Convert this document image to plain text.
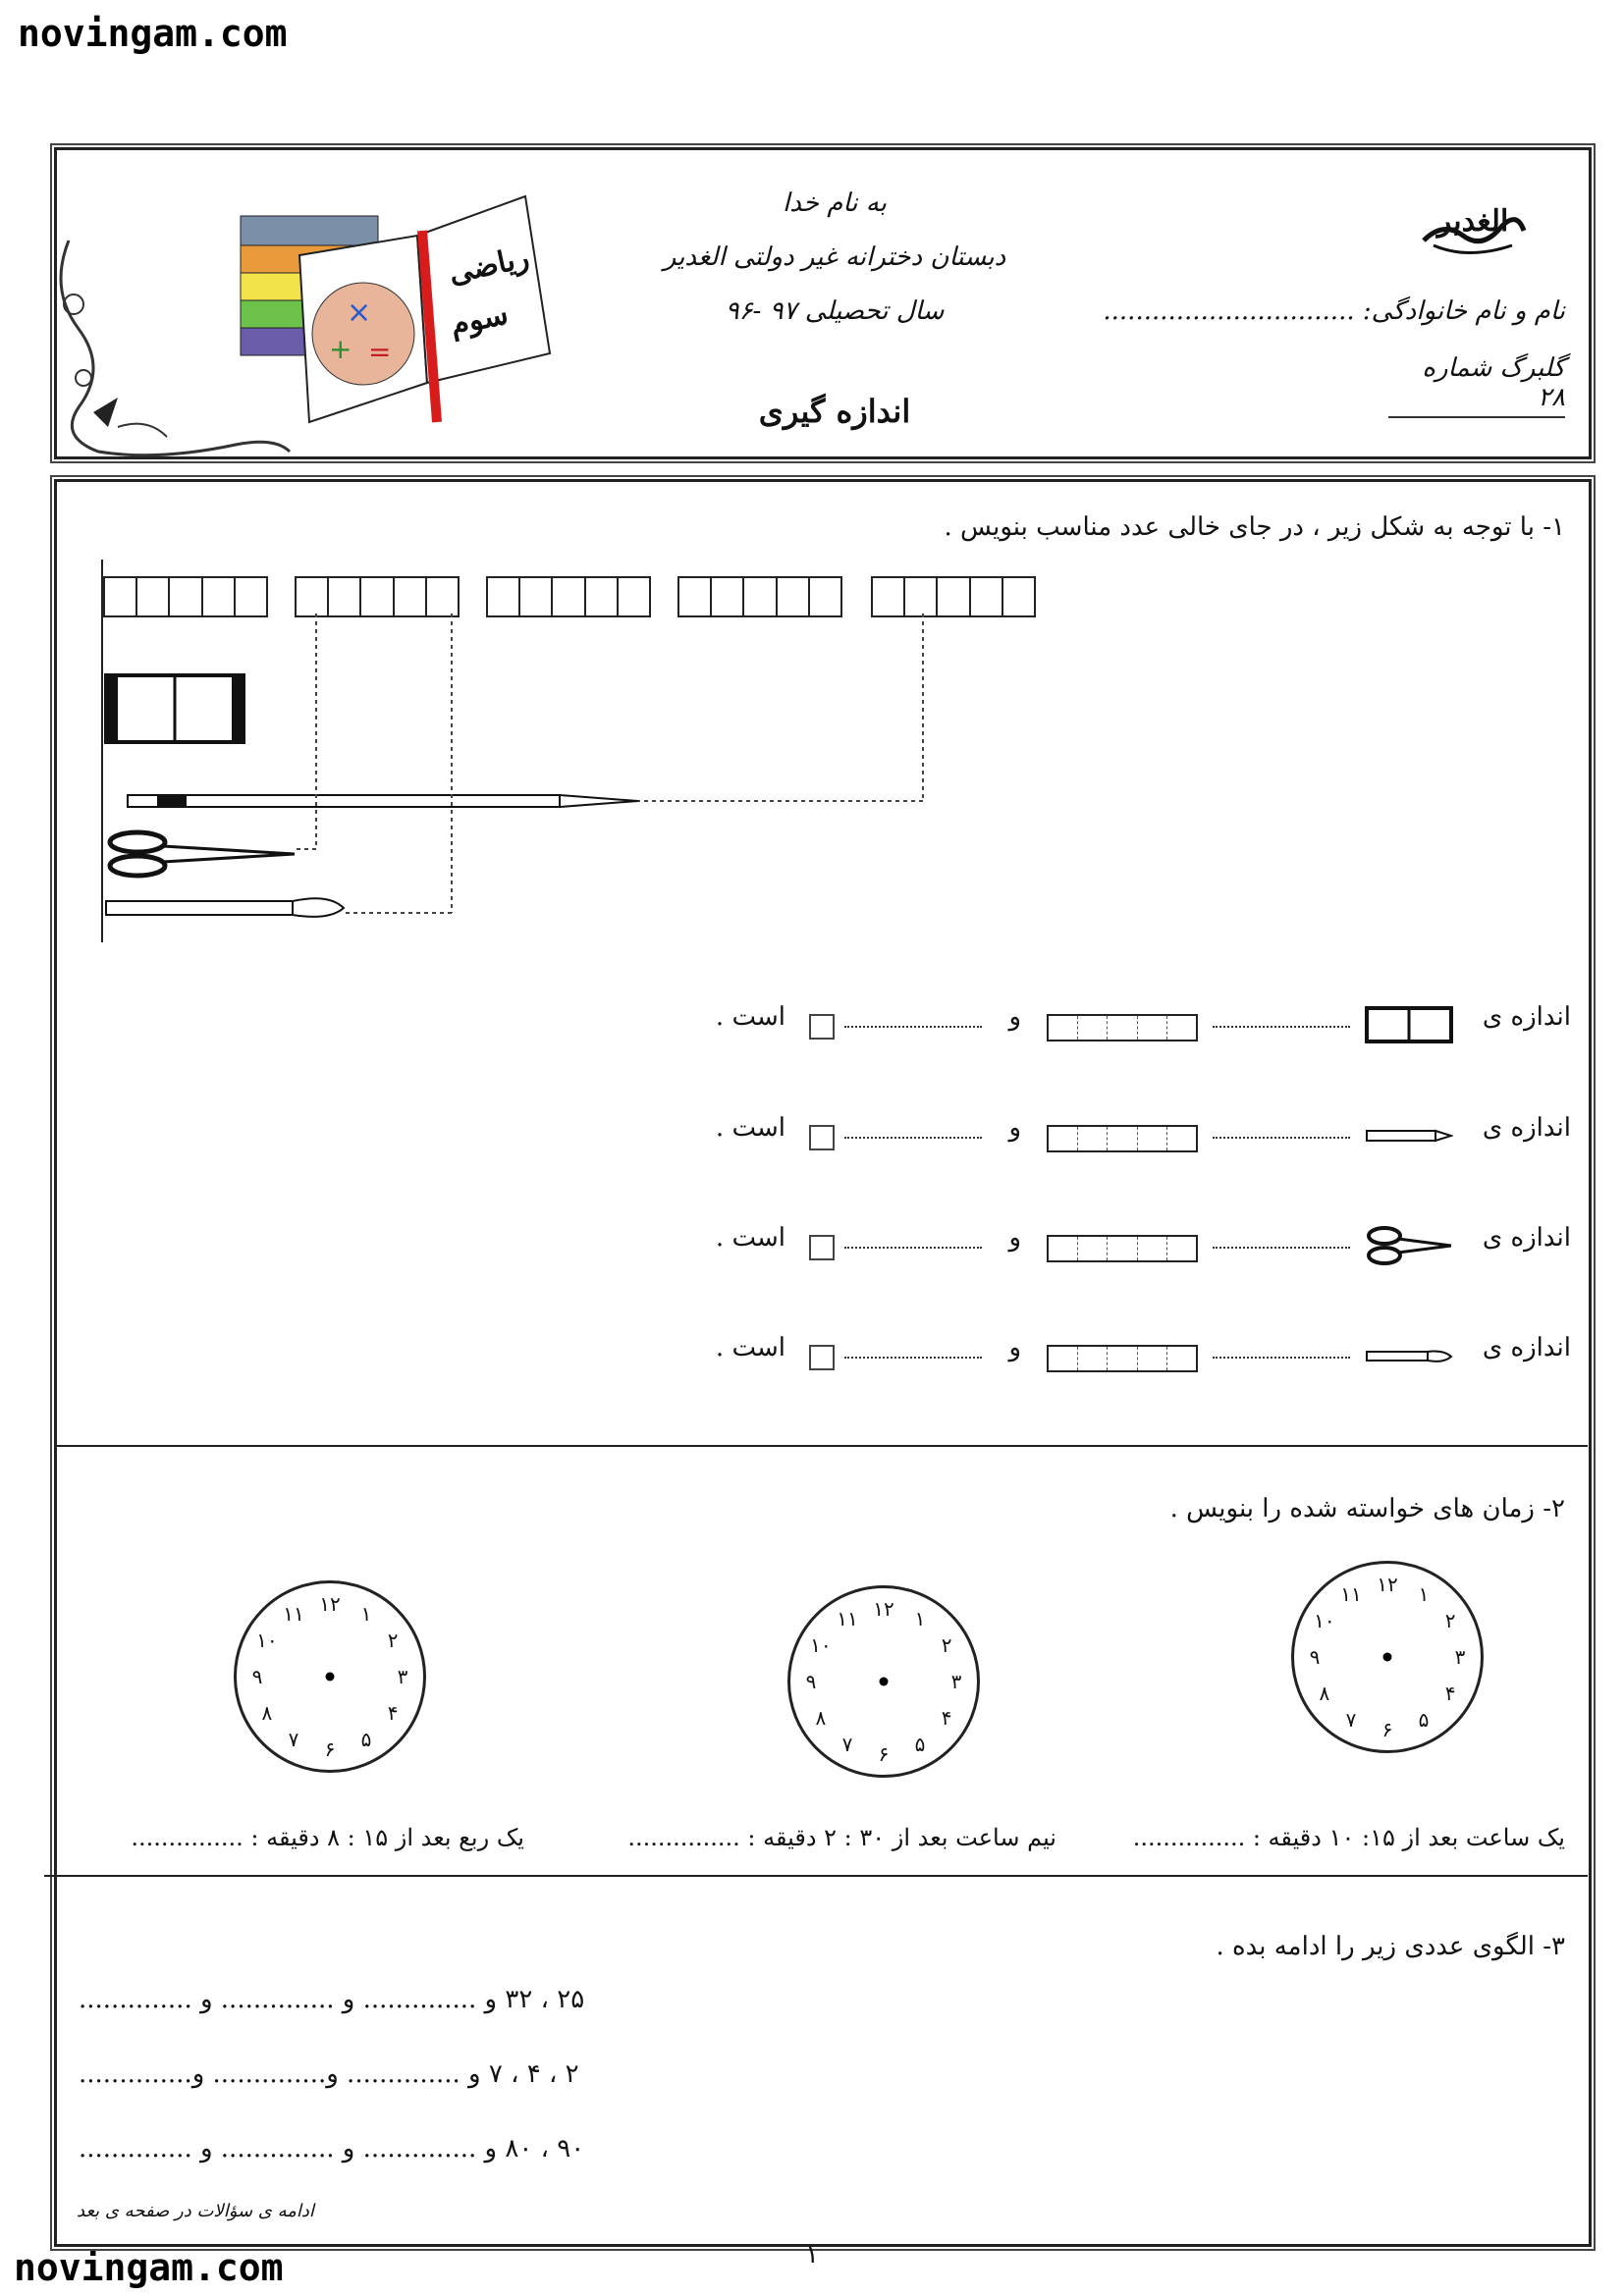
novingam.com
novingam.com
الغدیر
نام و نام خانوادگی: ...............................
گلبرگ شماره ۲۸
به نام خدا
دبستان دخترانه غیر دولتی الغدیر
سال تحصیلی ۹۷ -۹۶
اندازه گیری
×
+ =
ریاضی
سوم
۱- با توجه به شکل زیر ، در جای خالی عدد مناسب بنویس .
اندازه ی
و
است .
اندازه ی
و
است .
اندازه ی
و
است .
اندازه ی
و
است .
۲- زمان های خواسته شده را بنویس .
۱۲ ۱
۲
۳
۴
۵
۶
۷
۸
۹
۱۰
۱۱
۱۲ ۱
۲
۳
۴
۵
۶
۷
۸
۹
۱۰
۱۱
۱۲ ۱
۲
۳
۴
۵
۶
۷
۸
۹
۱۰
۱۱
یک ساعت بعد از ۱۵: ۱۰ دقیقه : ...............
نیم ساعت بعد از ۳۰ : ۲ دقیقه : ...............
یک ربع بعد از ۱۵ : ۸ دقیقه : ...............
۳- الگوی عددی زیر را ادامه بده .
۲۵ ، ۳۲ و .............. و .............. و ..............
۲ ، ۴ ، ۷ و .............. و.............. و..............
۹۰ ، ۸۰ و .............. و .............. و ..............
ادامه ی سؤالات در صفحه ی بعد
۱
